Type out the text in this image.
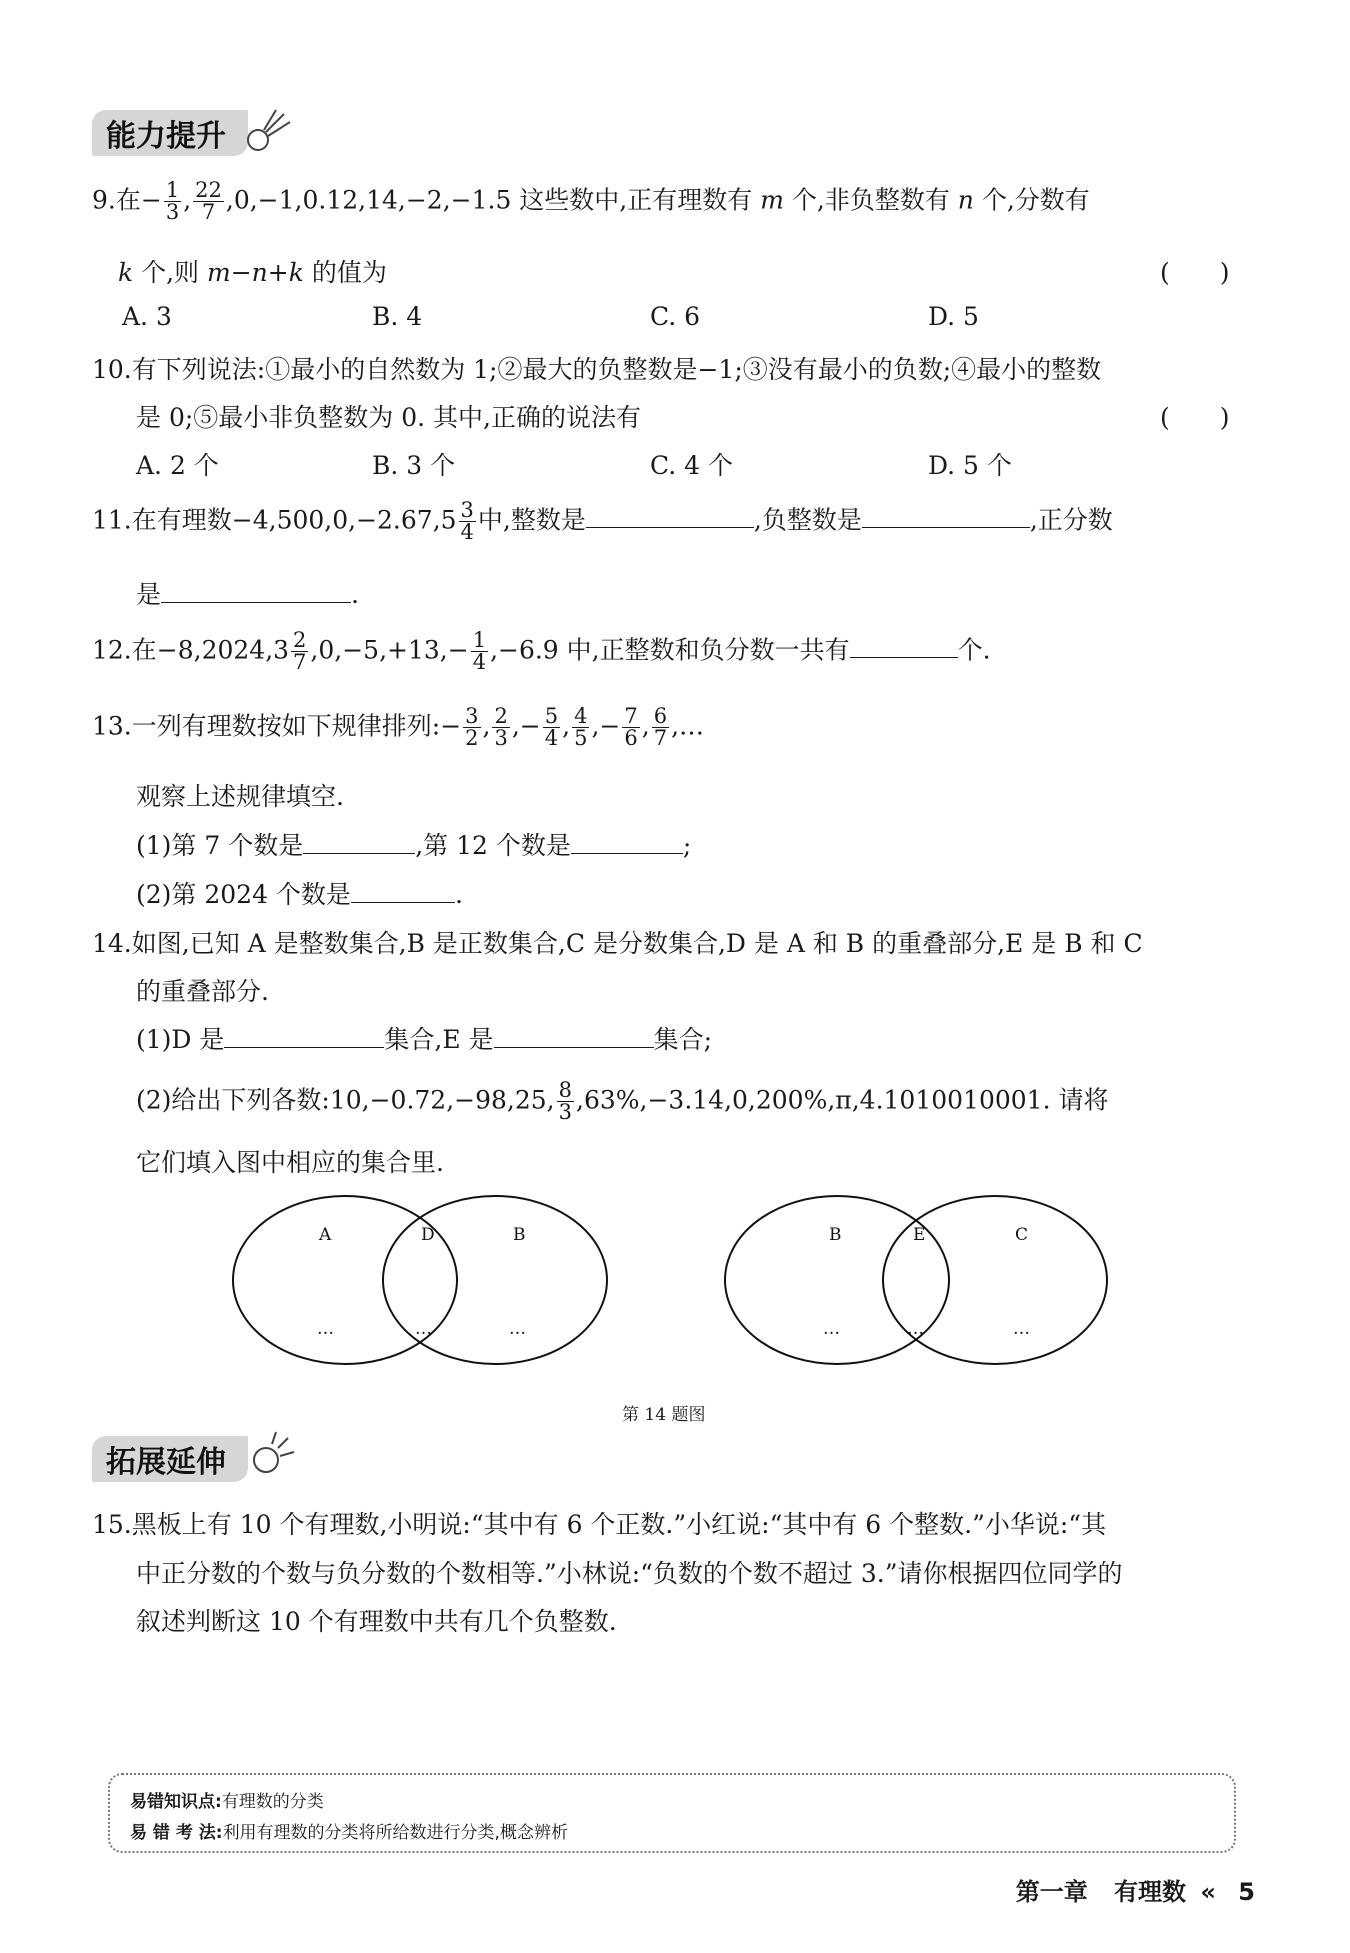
能力提升
9.在− $\frac{1}{3}$ , $\frac{22}{7} ,0,-1,0.12,14,-2,-1.5$ 这些数中,正有理数有 m 个,非负整数有 n 个,分数有
k 个,则 m−n+k 的值为	(　　)
A. 3	B. 4	C. 6	D. 5
10.有下列说法:①最小的自然数为 1;②最大的负整数是−1;③没有最小的负数;④最小的整数
是 0;⑤最小非负整数为 0. 其中,正确的说法有	(　　)
A. 2 个	B. 3 个	C. 4 个	D. 5 个
11.在有理数$-4,500,0,-2.67,5 \frac{3}{4}$ 中,整数是	,负整数是	,正分数
是	.
12.在$-8,2024,3 \frac{2}{7} ,0,-5,+13,- \frac{1}{4} ,-6.9$ 中,正整数和负分数一共有	个.
13.一列有理数按如下规律排列:− $\frac{3}{2}$ , $\frac{2}{3}$ ,− $\frac{5}{4}$ , $\frac{4}{5}$ ,− $\frac{7}{6}$ , $\frac{6}{7}$ ,…
观察上述规律填空.
(1)第 7 个数是	,第 12 个数是	;
(2)第 2024 个数是	.
14.如图,已知 A 是整数集合,B 是正数集合,C 是分数集合,D 是 A 和 B 的重叠部分,E 是 B 和 C
的重叠部分.
(1)D 是	集合,E 是	集合;
(2)给出下列各数:10,−0.72,−98,25, $\frac{8}{3} ,63\%,-3.14,0,200\%,\pi,4.1010010001$. 请将
它们填入图中相应的集合里.
A	D	B
…	…	…
B	E	C
…	…	…
第 14 题图
拓展延伸
15.黑板上有 10 个有理数,小明说:“其中有 6 个正数.”小红说:“其中有 6 个整数.”小华说:“其
中正分数的个数与负分数的个数相等.”小林说:“负数的个数不超过 3.”请你根据四位同学的
叙述判断这 10 个有理数中共有几个负整数.
易错知识点:有理数的分类
易 错 考 法:利用有理数的分类将所给数进行分类,概念辨析
第一章 有理数 « 5
